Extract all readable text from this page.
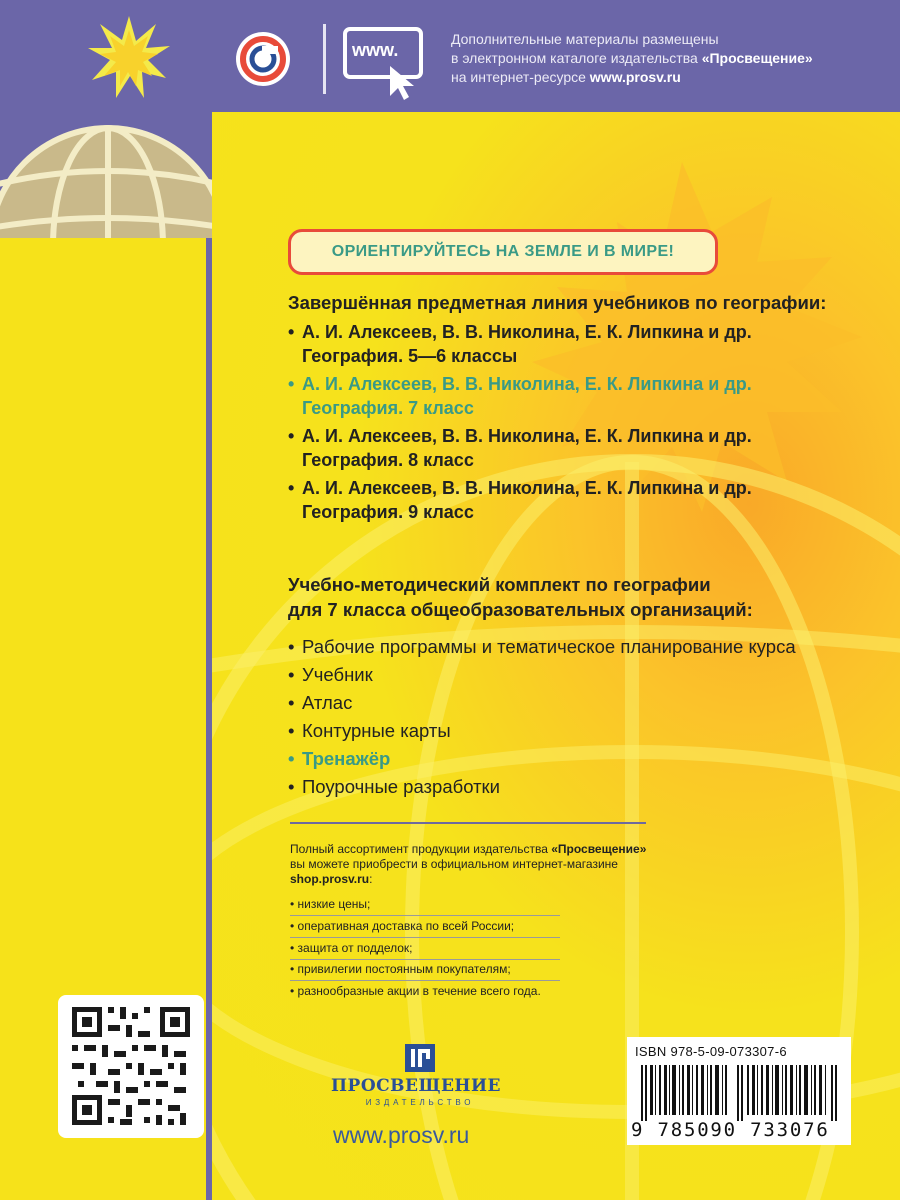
www.
Дополнительные материалы размещены
в электронном каталоге издательства «Просвещение»
на интернет-ресурсе www.prosv.ru
ОРИЕНТИРУЙТЕСЬ НА ЗЕМЛЕ И В МИРЕ!
Завершённая предметная линия учебников по географии:
• А. И. Алексеев, В. В. Николина, Е. К. Липкина и др.
География. 5—6 классы
• А. И. Алексеев, В. В. Николина, Е. К. Липкина и др.
География. 7 класс
• А. И. Алексеев, В. В. Николина, Е. К. Липкина и др.
География. 8 класс
• А. И. Алексеев, В. В. Николина, Е. К. Липкина и др.
География. 9 класс
Учебно-методический комплект по географии
для 7 класса общеобразовательных организаций:
• Рабочие программы и тематическое планирование курса
• Учебник
• Атлас
• Контурные карты
• Тренажёр
• Поурочные разработки
Полный ассортимент продукции издательства «Просвещение»
вы можете приобрести в официальном интернет-магазине
shop.prosv.ru:
• низкие цены;
• оперативная доставка по всей России;
• защита от подделок;
• привилегии постоянным покупателям;
• разнообразные акции в течение всего года.
ПРОСВЕЩЕНИЕ
ИЗДАТЕЛЬСТВО
www.prosv.ru
ISBN 978-5-09-073307-6
9 785090 733076
